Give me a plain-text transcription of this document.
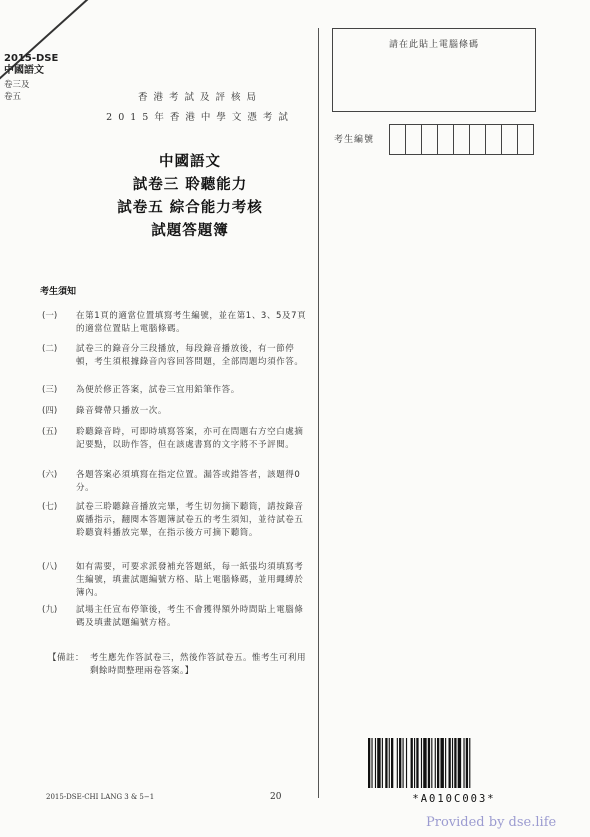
2015-DSE
中國語文
卷三及
卷五	香港考試及評核局
2015年香港中學文憑考試
中國語文
試卷三 聆聽能力
試卷五 綜合能力考核
試題答題簿
請在此貼上電腦條碼
考生編號
考生須知
(一)	在第1頁的適當位置填寫考生編號，並在第1、3、5及7頁的適當位置貼上電腦條碼。
(二)	試卷三的錄音分三段播放，每段錄音播放後，有一節停頓，考生須根據錄音內容回答問題，全部問題均須作答。
(三)	為便於修正答案，試卷三宜用鉛筆作答。
(四)	錄音聲帶只播放一次。
(五)	聆聽錄音時，可即時填寫答案，亦可在問題右方空白處摘記要點，以助作答，但在該處書寫的文字將不予評閱。
(六)	各題答案必須填寫在指定位置。漏答或錯答者，該題得0分。
(七)	試卷三聆聽錄音播放完畢，考生切勿摘下聽筒，請按錄音廣播指示，翻閱本答題簿試卷五的考生須知，並待試卷五聆聽資料播放完畢，在指示後方可摘下聽筒。
(八)	如有需要，可要求派發補充答題紙，每一紙張均須填寫考生編號，填畫試題編號方格、貼上電腦條碼，並用繩縛於簿內。
(九)	試場主任宣布停筆後，考生不會獲得額外時間貼上電腦條碼及填畫試題編號方格。
【備註： 考生應先作答試卷三，然後作答試卷五。惟考生可利用剩餘時間整理兩卷答案。】
2015-DSE-CHI LANG 3 & 5−1	20	*A010C003*
Provided by dse.life
